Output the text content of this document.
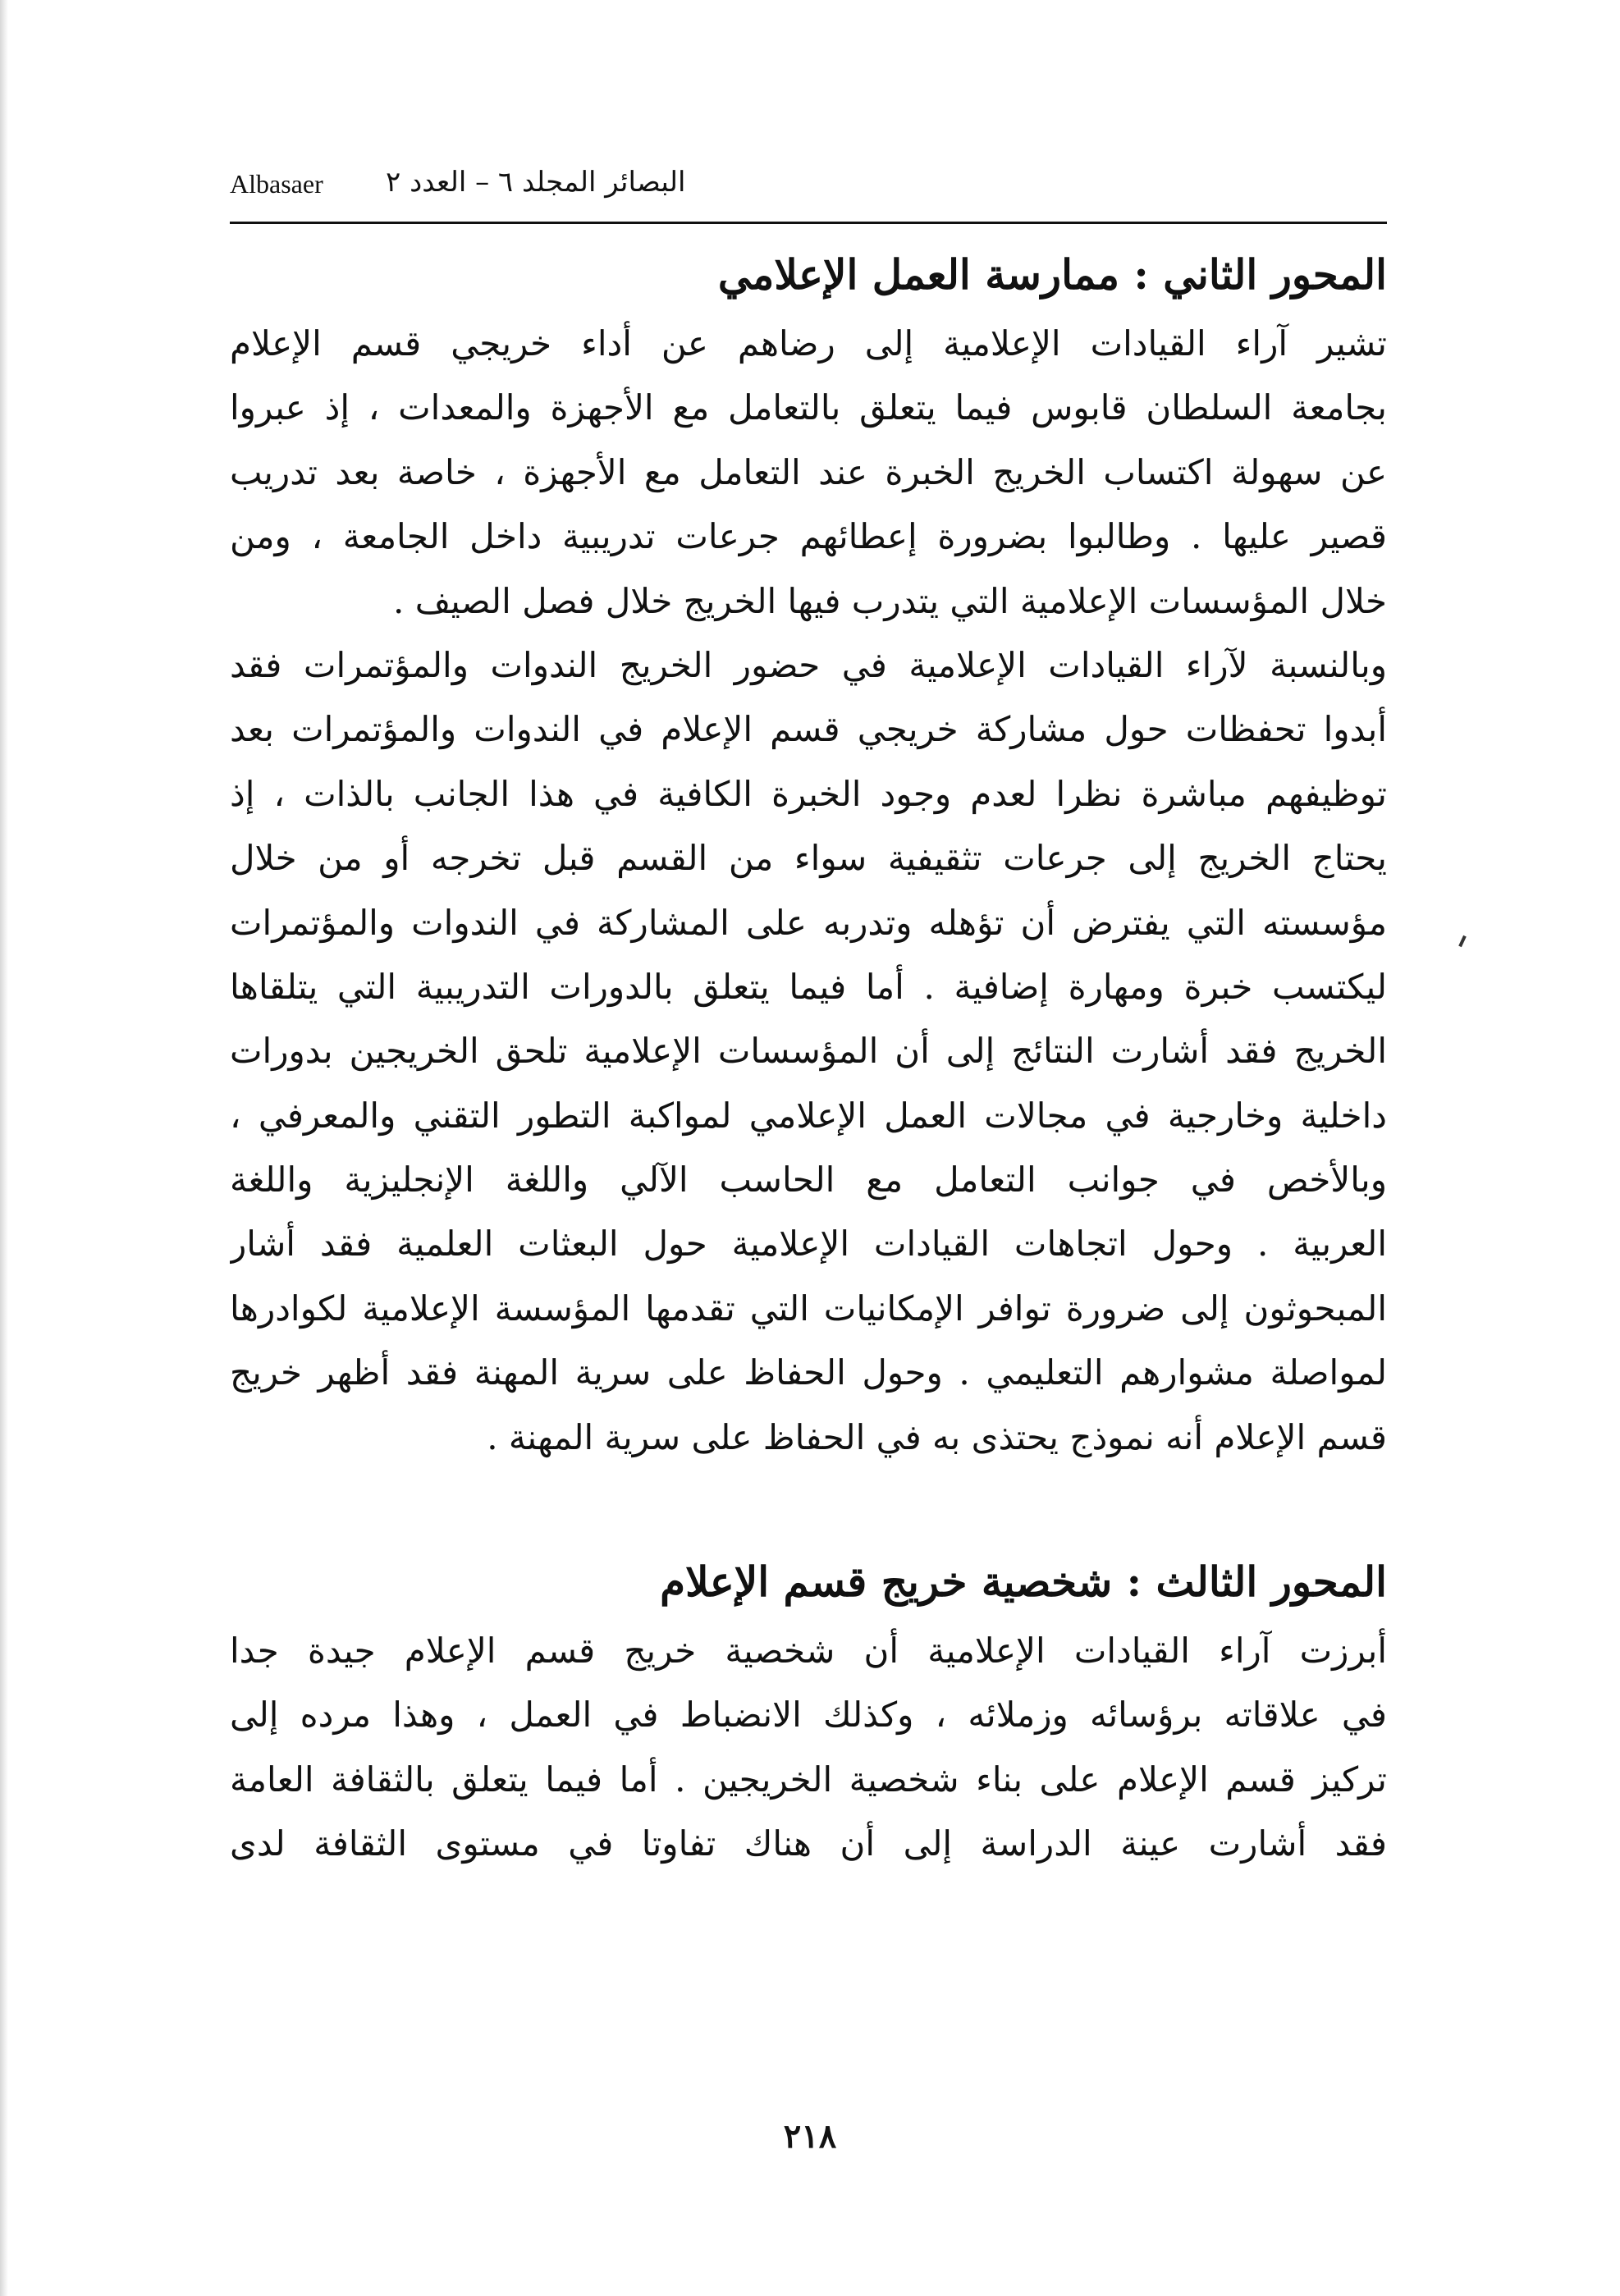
Albasaer البصائر المجلد ٦ – العدد ٢
المحور الثاني : ممارسة العمل الإعلامي
تشير آراء القيادات الإعلامية إلى رضاهم عن أداء خريجي قسم الإعلام
بجامعة السلطان قابوس فيما يتعلق بالتعامل مع الأجهزة والمعدات ، إذ عبروا
عن سهولة اكتساب الخريج الخبرة عند التعامل مع الأجهزة ، خاصة بعد تدريب
قصير عليها . وطالبوا بضرورة إعطائهم جرعات تدريبية داخل الجامعة ، ومن
خلال المؤسسات الإعلامية التي يتدرب فيها الخريج خلال فصل الصيف .
وبالنسبة لآراء القيادات الإعلامية في حضور الخريج الندوات والمؤتمرات فقد
أبدوا تحفظات حول مشاركة خريجي قسم الإعلام في الندوات والمؤتمرات بعد
توظيفهم مباشرة نظرا لعدم وجود الخبرة الكافية في هذا الجانب بالذات ، إذ
يحتاج الخريج إلى جرعات تثقيفية سواء من القسم قبل تخرجه أو من خلال
مؤسسته التي يفترض أن تؤهله وتدربه على المشاركة في الندوات والمؤتمرات
ليكتسب خبرة ومهارة إضافية . أما فيما يتعلق بالدورات التدريبية التي يتلقاها
الخريج فقد أشارت النتائج إلى أن المؤسسات الإعلامية تلحق الخريجين بدورات
داخلية وخارجية في مجالات العمل الإعلامي لمواكبة التطور التقني والمعرفي ،
وبالأخص في جوانب التعامل مع الحاسب الآلي واللغة الإنجليزية واللغة
العربية . وحول اتجاهات القيادات الإعلامية حول البعثات العلمية فقد أشار
المبحوثون إلى ضرورة توافر الإمكانيات التي تقدمها المؤسسة الإعلامية لكوادرها
لمواصلة مشوارهم التعليمي . وحول الحفاظ على سرية المهنة فقد أظهر خريج
قسم الإعلام أنه نموذج يحتذى به في الحفاظ على سرية المهنة .
المحور الثالث : شخصية خريج قسم الإعلام
أبرزت آراء القيادات الإعلامية أن شخصية خريج قسم الإعلام جيدة جدا
في علاقاته برؤسائه وزملائه ، وكذلك الانضباط في العمل ، وهذا مرده إلى
تركيز قسم الإعلام على بناء شخصية الخريجين . أما فيما يتعلق بالثقافة العامة
فقد أشارت عينة الدراسة إلى أن هناك تفاوتا في مستوى الثقافة لدى
٢١٨
